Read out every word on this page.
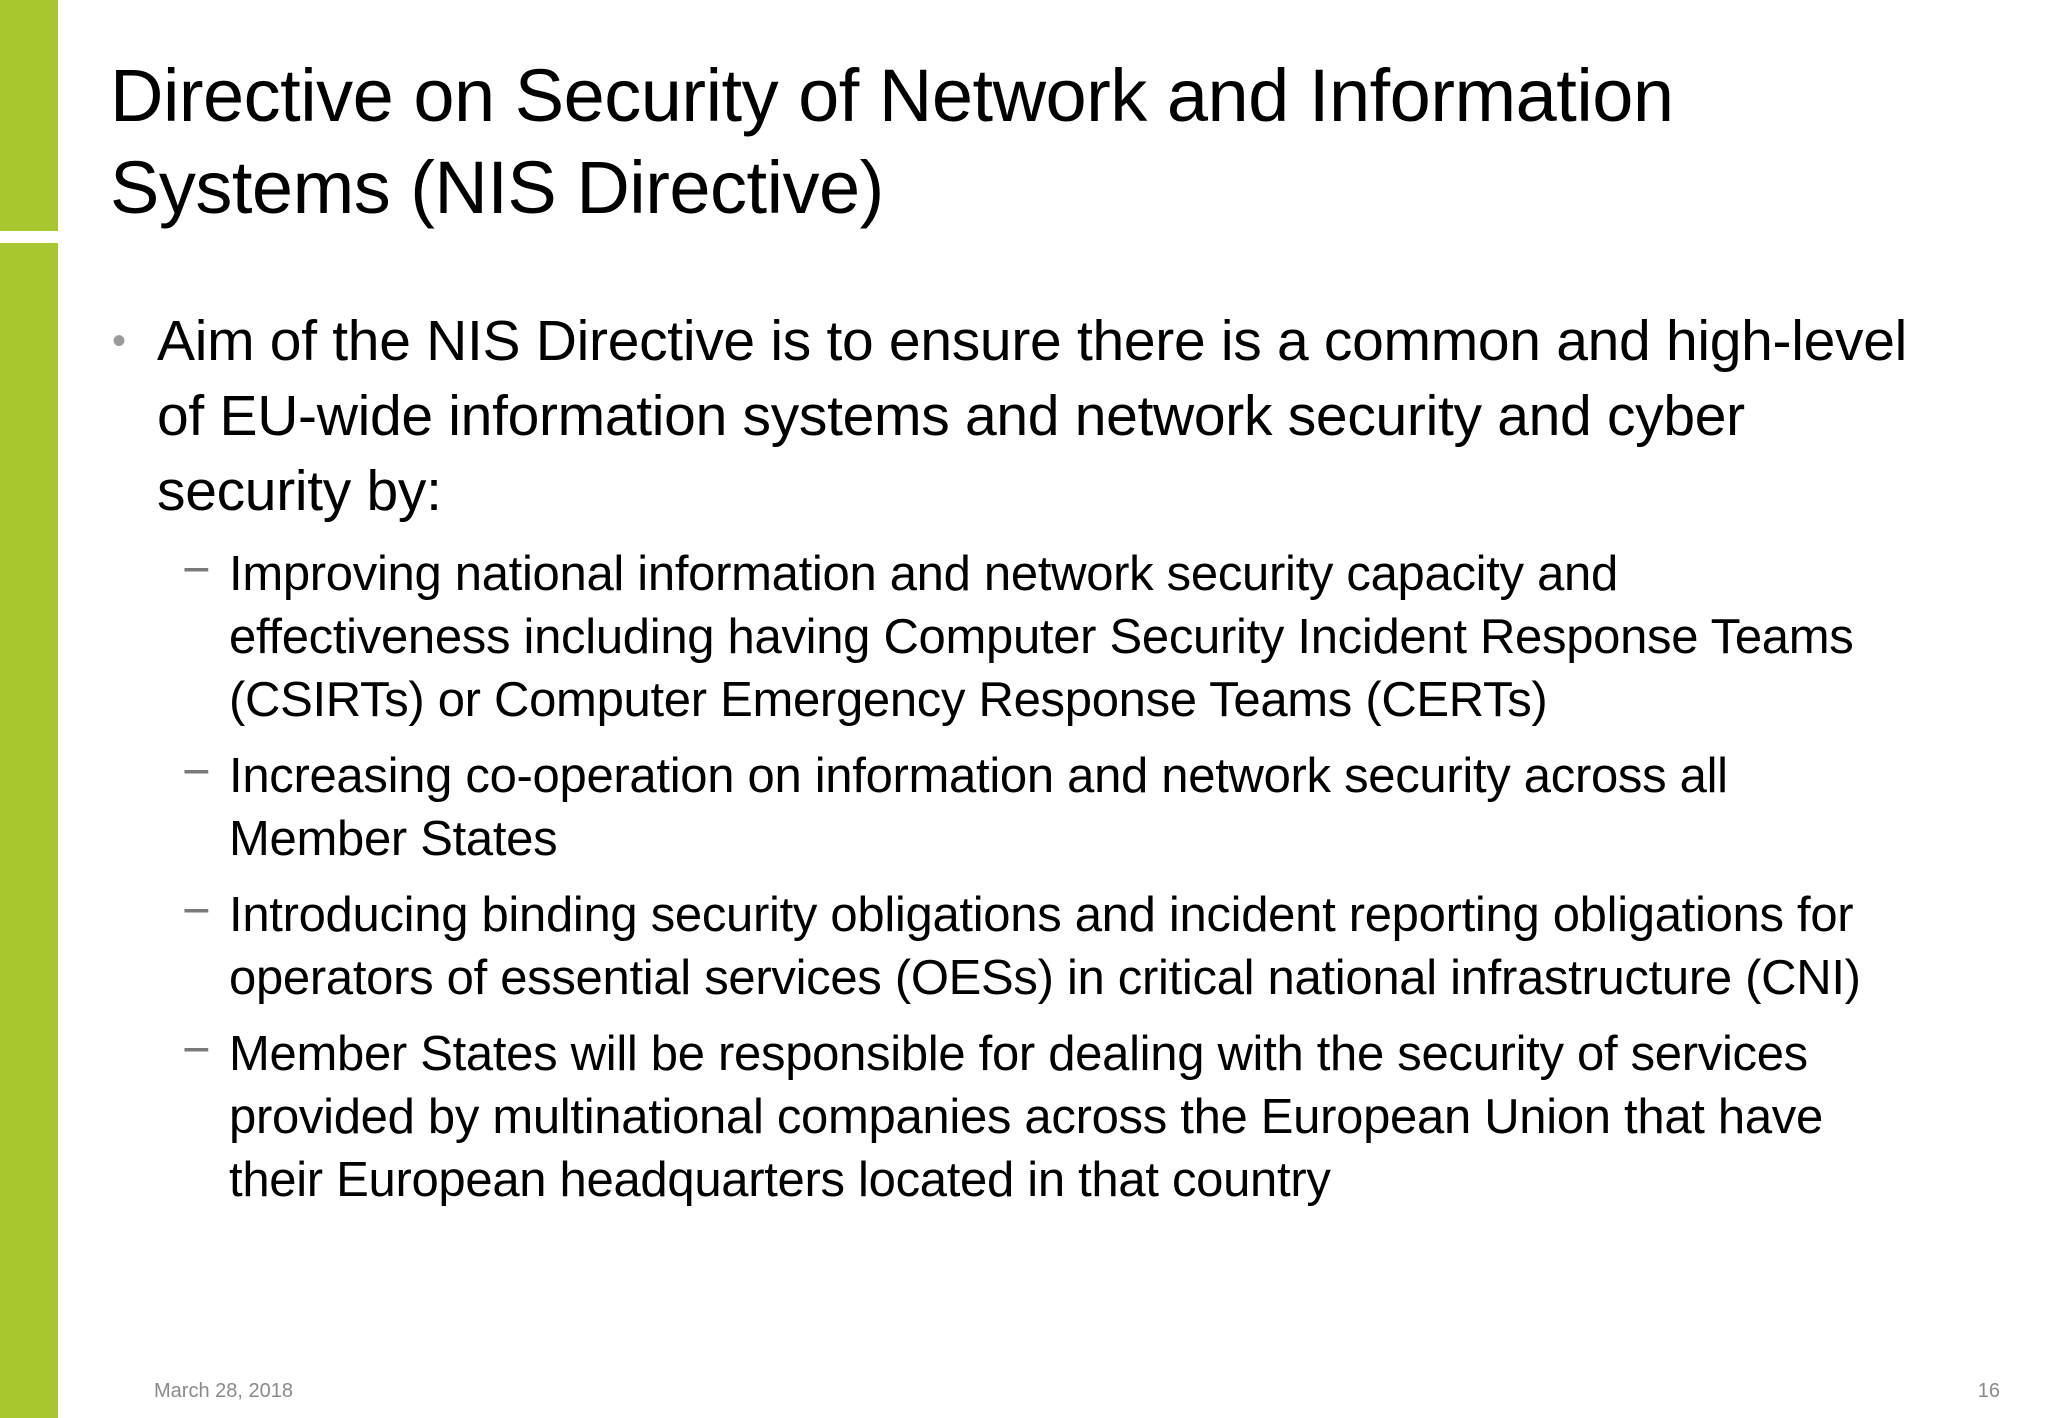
Directive on Security of Network and Information Systems (NIS Directive)
• Aim of the NIS Directive is to ensure there is a common and high-level of EU-wide information systems and network security and cyber security by:
− Improving national information and network security capacity and effectiveness including having Computer Security Incident Response Teams (CSIRTs) or Computer Emergency Response Teams (CERTs)
− Increasing co-operation on information and network security across all Member States
− Introducing binding security obligations and incident reporting obligations for operators of essential services (OESs) in critical national infrastructure (CNI)
− Member States will be responsible for dealing with the security of services provided by multinational companies across the European Union that have their European headquarters located in that country
March 28, 2018	16
